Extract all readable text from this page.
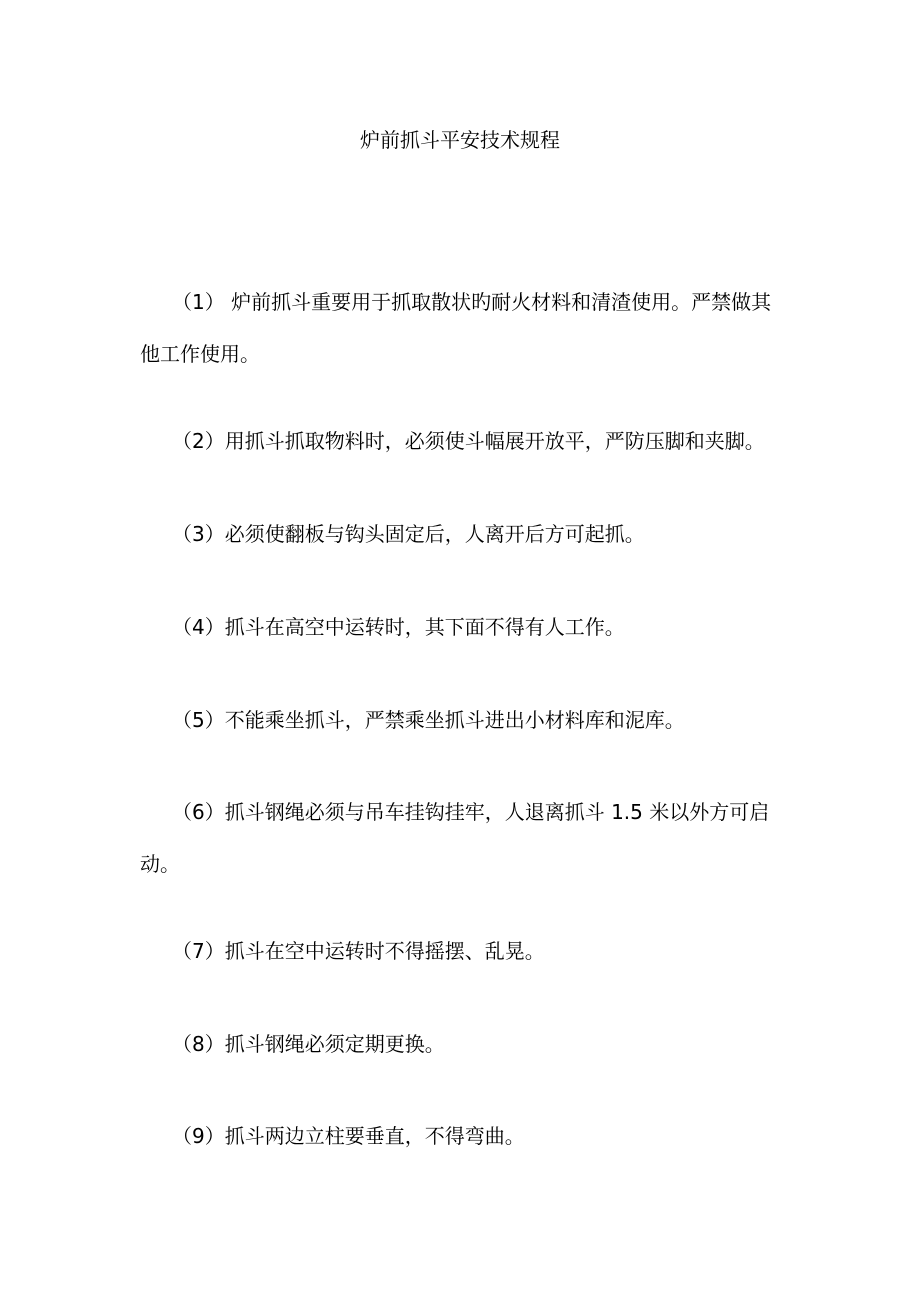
炉前抓斗平安技术规程

（1） 炉前抓斗重要用于抓取散状旳耐火材料和清渣使用。严禁做其他工作使用。

（2）用抓斗抓取物料时，必须使斗幅展开放平，严防压脚和夹脚。

（3）必须使翻板与钩头固定后，人离开后方可起抓。

（4）抓斗在高空中运转时，其下面不得有人工作。

（5）不能乘坐抓斗，严禁乘坐抓斗进出小材料库和泥库。

（6）抓斗钢绳必须与吊车挂钩挂牢，人退离抓斗 1.5 米以外方可启动。

（7）抓斗在空中运转时不得摇摆、乱晃。

（8）抓斗钢绳必须定期更换。

（9）抓斗两边立柱要垂直，不得弯曲。
